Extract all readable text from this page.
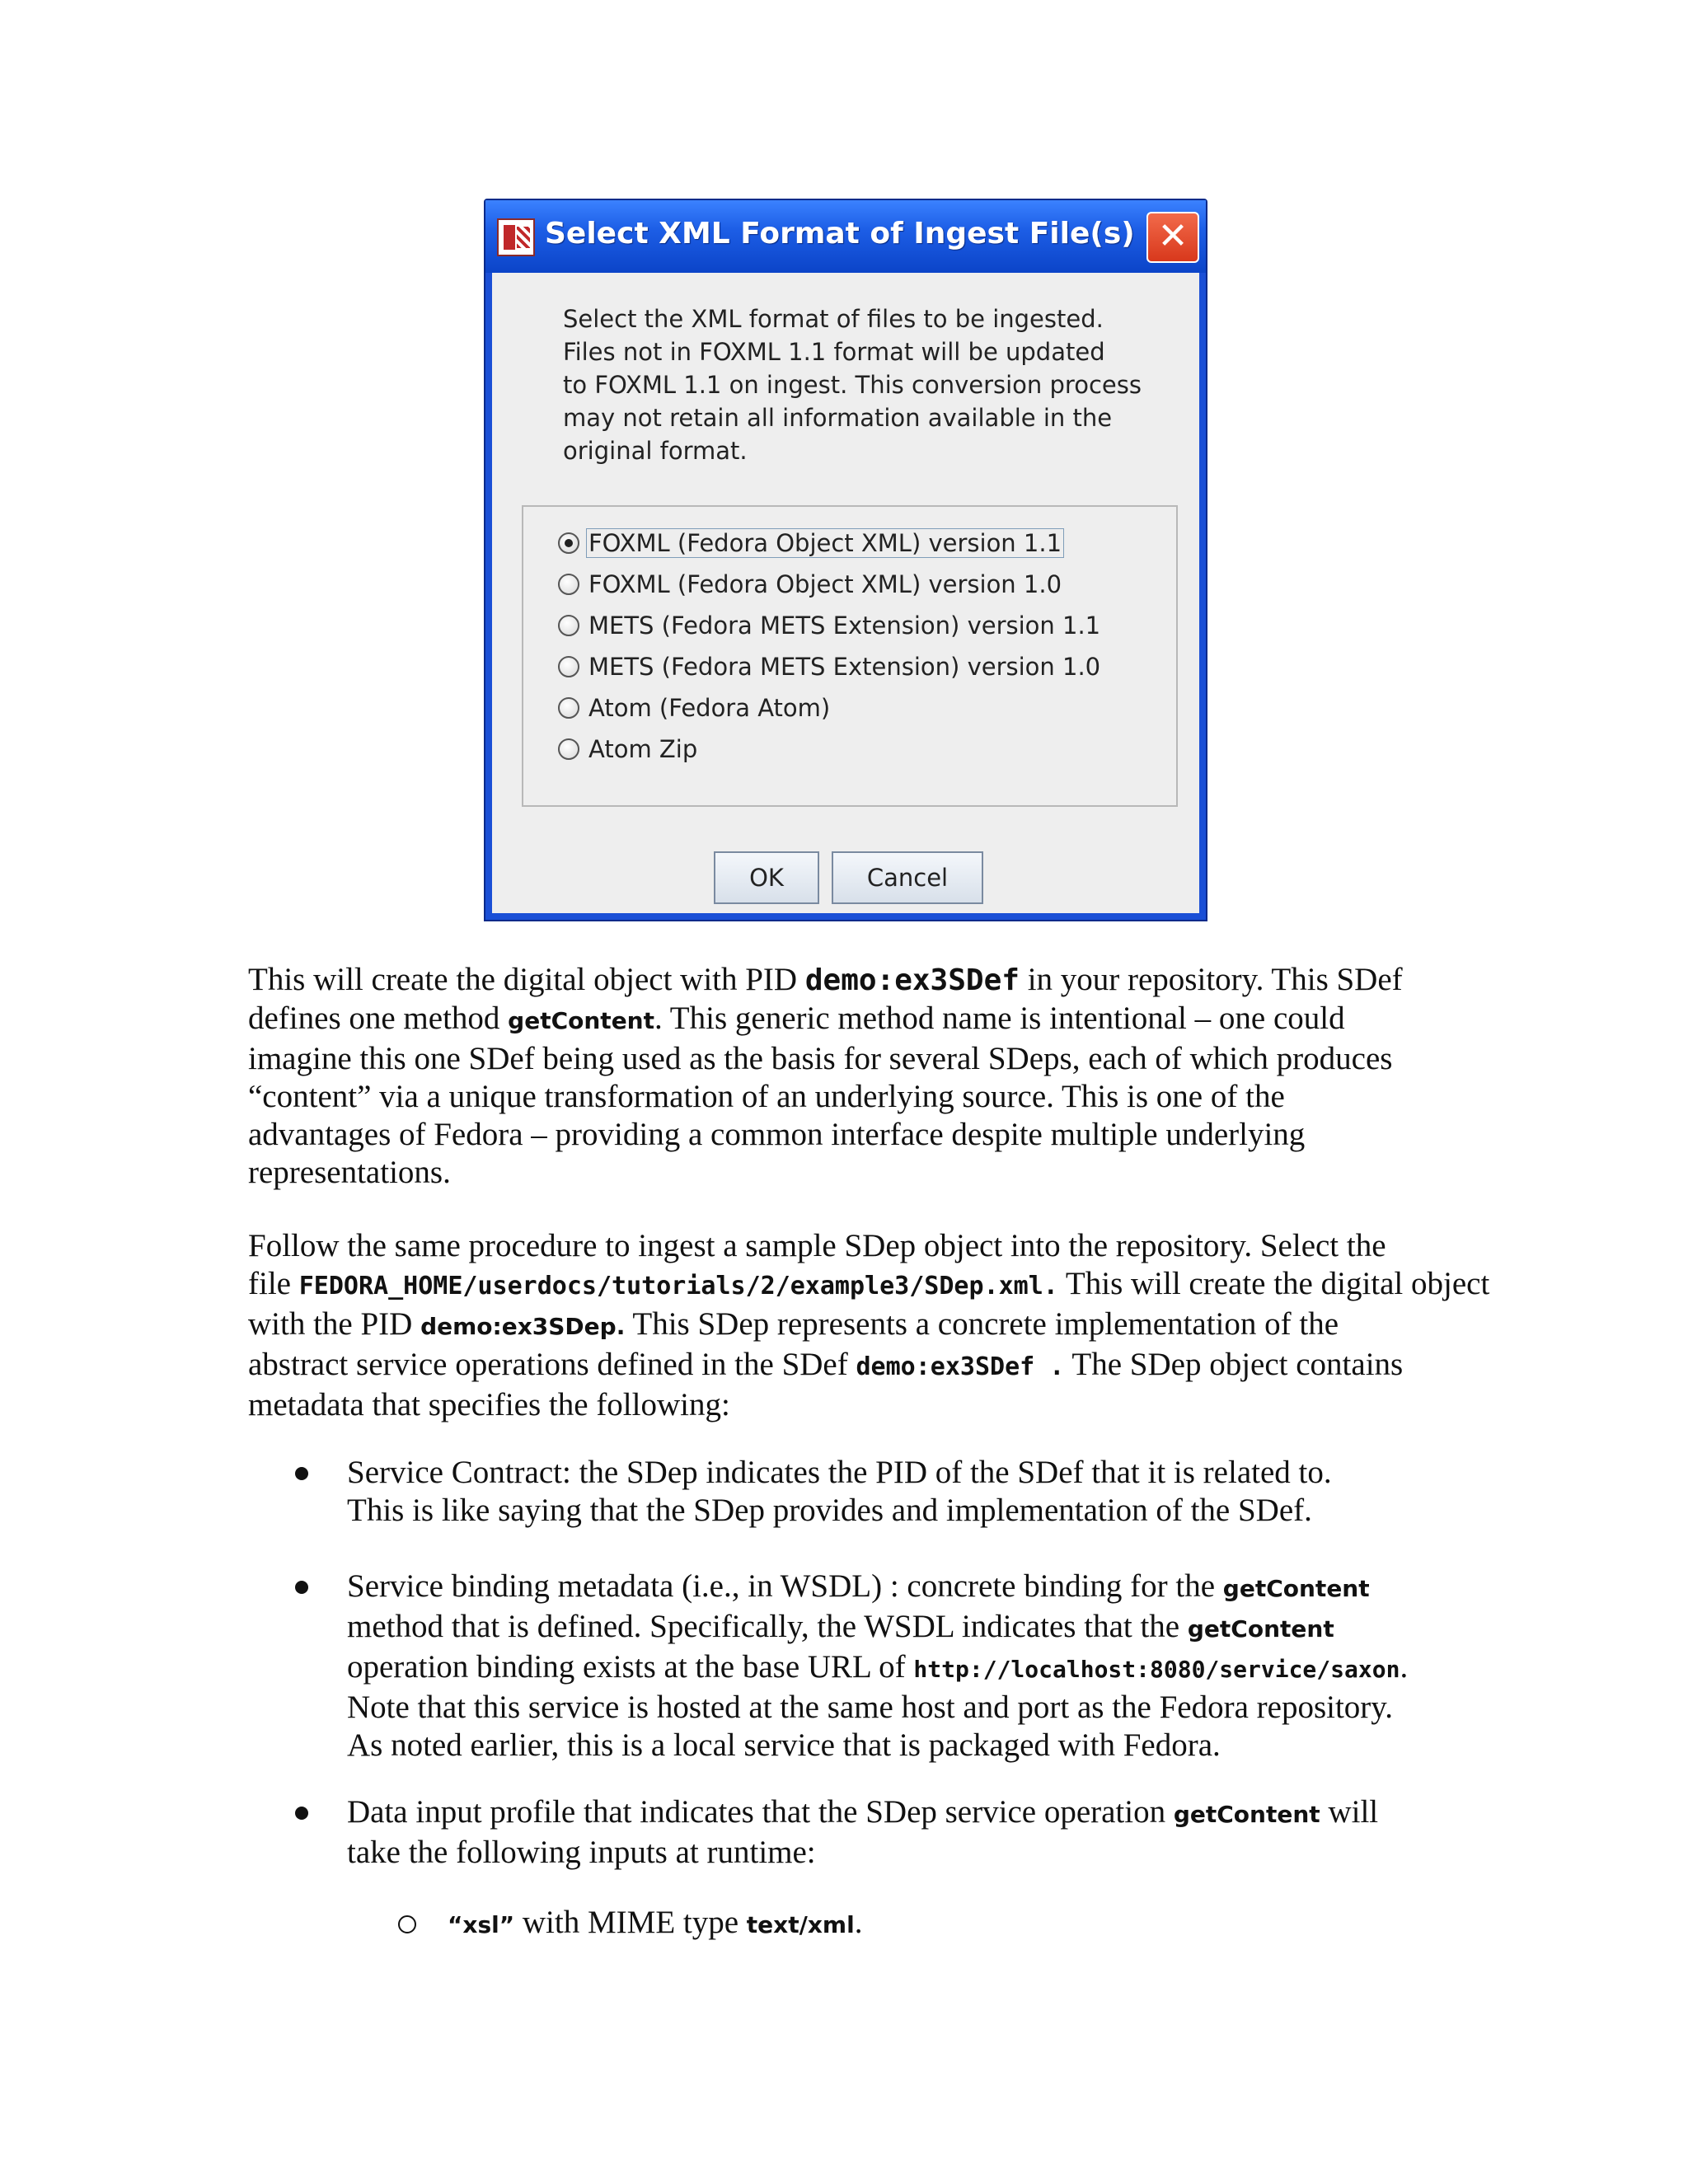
Select XML Format of Ingest File(s) ✕
Select the XML format of files to be ingested.
Files not in FOXML 1.1 format will be updated
to FOXML 1.1 on ingest. This conversion process
may not retain all information available in the
original format.
FOXML (Fedora Object XML) version 1.1
FOXML (Fedora Object XML) version 1.0
METS (Fedora METS Extension) version 1.1
METS (Fedora METS Extension) version 1.0
Atom (Fedora Atom)
Atom Zip
OK	Cancel
This will create the digital object with PID demo:ex3SDef in your repository. This SDef
defines one method getContent. This generic method name is intentional – one could
imagine this one SDef being used as the basis for several SDeps, each of which produces
“content” via a unique transformation of an underlying source. This is one of the
advantages of Fedora – providing a common interface despite multiple underlying
representations.
Follow the same procedure to ingest a sample SDep object into the repository. Select the
file FEDORA_HOME/userdocs/tutorials/2/example3/SDep.xml. This will create the digital object
with the PID demo:ex3SDep. This SDep represents a concrete implementation of the
abstract service operations defined in the SDef demo:ex3SDef . The SDep object contains
metadata that specifies the following:
Service Contract: the SDep indicates the PID of the SDef that it is related to.
This is like saying that the SDep provides and implementation of the SDef.
Service binding metadata (i.e., in WSDL) : concrete binding for the getContent
method that is defined. Specifically, the WSDL indicates that the getContent
operation binding exists at the base URL of http://localhost:8080/service/saxon.
Note that this service is hosted at the same host and port as the Fedora repository.
As noted earlier, this is a local service that is packaged with Fedora.
Data input profile that indicates that the SDep service operation getContent will
take the following inputs at runtime:
“xsl” with MIME type text/xml.
